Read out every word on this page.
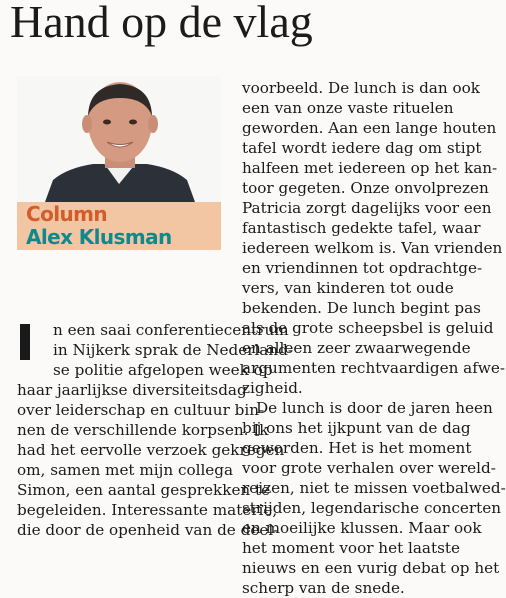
Hand op de vlag
Column
Alex Klusman
n een saai conferentiecentrum
in Nijkerk sprak de Nederland-
se politie afgelopen week op
haar jaarlijkse diversiteitsdag
over leiderschap en cultuur bin-
nen de verschillende korpsen. Ik
had het eervolle verzoek gekregen
om, samen met mijn collega
Simon, een aantal gesprekken te
begeleiden. Interessante materie,
die door de openheid van de deel-
voorbeeld. De lunch is dan ook
een van onze vaste rituelen
geworden. Aan een lange houten
tafel wordt iedere dag om stipt
halfeen met iedereen op het kan-
toor gegeten. Onze onvolprezen
Patricia zorgt dagelijks voor een
fantastisch gedekte tafel, waar
iedereen welkom is. Van vrienden
en vriendinnen tot opdrachtge-
vers, van kinderen tot oude
bekenden. De lunch begint pas
als de grote scheepsbel is geluid
en alleen zeer zwaarwegende
argumenten rechtvaardigen afwe-
zigheid.
De lunch is door de jaren heen
bij ons het ijkpunt van de dag
geworden. Het is het moment
voor grote verhalen over wereld-
reizen, niet te missen voetbalwed-
strijden, legendarische concerten
en moeilijke klussen. Maar ook
het moment voor het laatste
nieuws en een vurig debat op het
scherp van de snede.
